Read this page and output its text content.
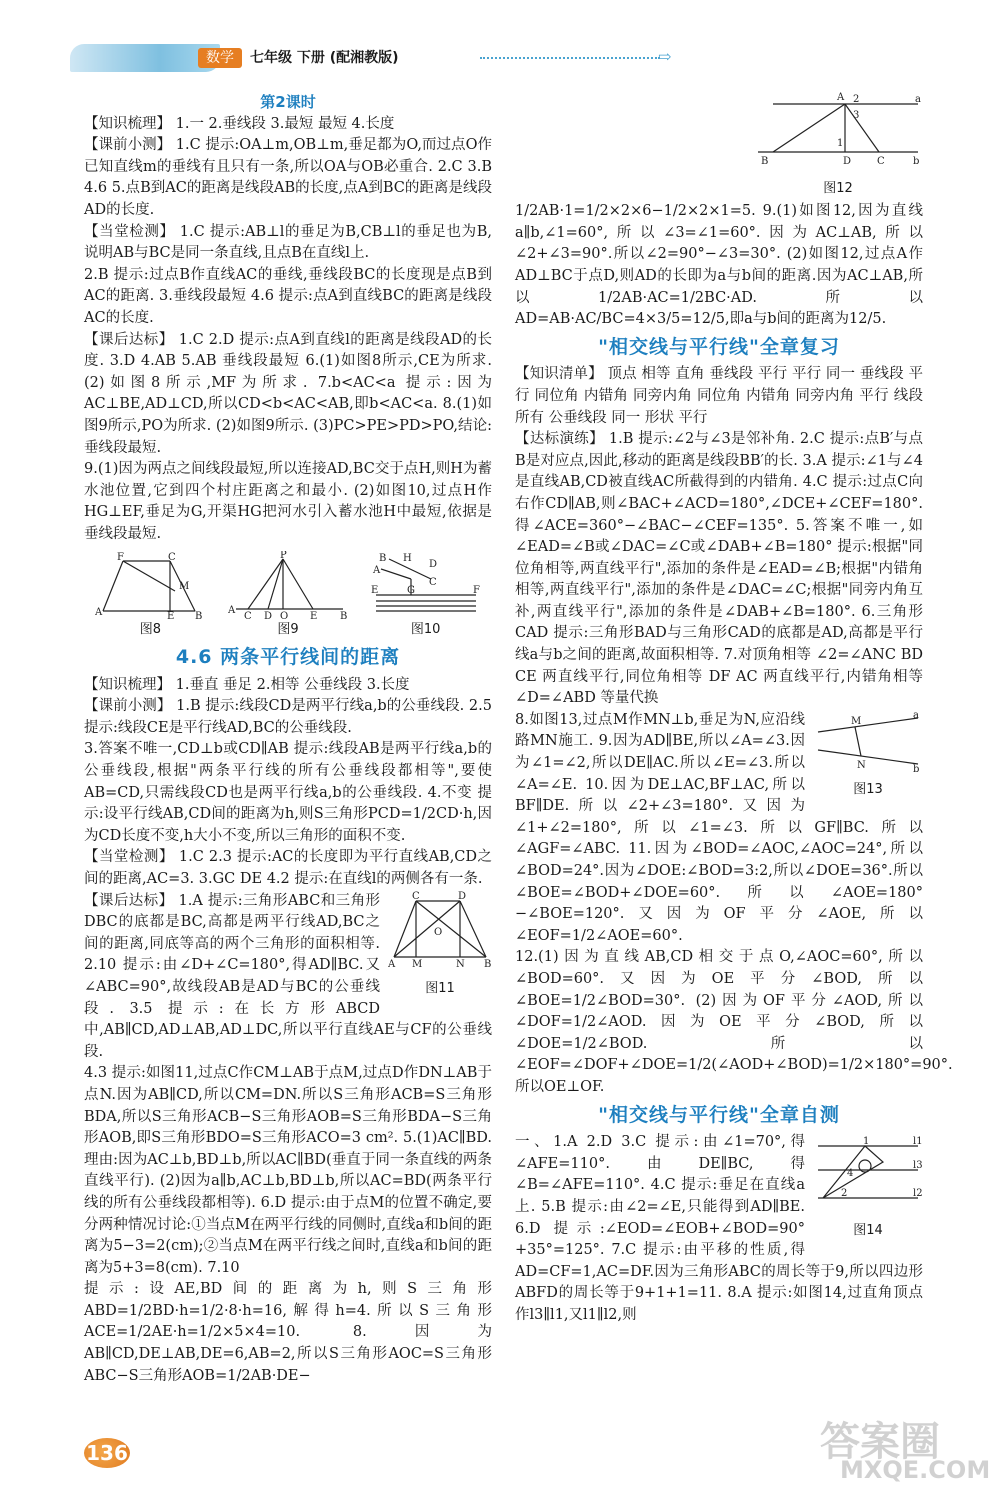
数学	七年级 下册 (配湘教版)	⇨
第2课时

【知识梳理】 1.一 2.垂线段 3.最短 最短 4.长度

【课前小测】 1.C 提示:OA⊥m,OB⊥m,垂足都为O,而过点O作已知直线m的垂线有且只有一条,所以OA与OB必重合. 2.C 3.B 4.6 5.点B到AC的距离是线段AB的长度,点A到BC的距离是线段AD的长度.

【当堂检测】 1.C 提示:AB⊥l的垂足为B,CB⊥l的垂足也为B,说明AB与BC是同一条直线,且点B在直线l上.

2.B 提示:过点B作直线AC的垂线,垂线段BC的长度现是点B到AC的距离. 3.垂线段最短 4.6 提示:点A到直线BC的距离是线段AC的长度.

【课后达标】 1.C 2.D 提示:点A到直线l的距离是线段AD的长度. 3.D 4.AB 5.AB 垂线段最短 6.(1)如图8所示,CE为所求. (2)如图8所示,MF为所求. 7.b<AC<a 提示:因为AC⊥BE,AD⊥CD,所以CD<b<AC<AB,即b<AC<a. 8.(1)如图9所示,PO为所求. (2)如图9所示. (3)PC>PE>PD>PO,结论:垂线段最短.

9.(1)因为两点之间线段最短,所以连接AD,BC交于点H,则H为蓄水池位置,它到四个村庄距离之和最小. (2)如图10,过点H作HG⊥EF,垂足为G,开渠HG把河水引入蓄水池H中最短,依据是垂线段最短.

A
F	C
M
E B
图8
P
A
C D O E B
图9
B H
D
A
C
G
E	F
图10
4.6 两条平行线间的距离

【知识梳理】 1.垂直 垂足 2.相等 公垂线段 3.长度

【课前小测】 1.B 提示:线段CD是两平行线a,b的公垂线段. 2.5 提示:线段CE是平行线AD,BC的公垂线段.

3.答案不唯一,CD⊥b或CD∥AB 提示:线段AB是两平行线a,b的公垂线段,根据"两条平行线的所有公垂线段都相等",要使AB=CD,只需线段CD也是两平行线a,b的公垂线段. 4.不变 提示:设平行线AB,CD间的距离为h,则S三角形PCD=1/2CD·h,因为CD长度不变,h大小不变,所以三角形的面积不变.

【当堂检测】 1.C 2.3 提示:AC的长度即为平行直线AB,CD之间的距离,AC=3. 3.GC DE 4.2 提示:在直线l的两侧各有一条.

C	D
O
A M	N B
图11

【课后达标】 1.A 提示:三角形ABC和三角形DBC的底都是BC,高都是两平行线AD,BC之间的距离,同底等高的两个三角形的面积相等. 2.10 提示:由∠D+∠C=180°,得AD∥BC.又∠ABC=90°,故线段AB是AD与BC的公垂线段. 3.5 提示:在长方形ABCD中,AB∥CD,AD⊥AB,AD⊥DC,所以平行直线AE与CF的公垂线段.

4.3 提示:如图11,过点C作CM⊥AB于点M,过点D作DN⊥AB于点N.因为AB∥CD,所以CM=DN.所以S三角形ACB=S三角形BDA,所以S三角形ACB−S三角形AOB=S三角形BDA−S三角形AOB,即S三角形BDO=S三角形ACO=3 cm². 5.(1)AC∥BD.理由:因为AC⊥b,BD⊥b,所以AC∥BD(垂直于同一条直线的两条直线平行). (2)因为a∥b,AC⊥b,BD⊥b,所以AC=BD(两条平行线的所有公垂线段都相等). 6.D 提示:由于点M的位置不确定,要分两种情况讨论:①当点M在两平行线的同侧时,直线a和b间的距离为5−3=2(cm);②当点M在两平行线之间时,直线a和b间的距离为5+3=8(cm). 7.10

提示:设AE,BD间的距离为h,则S三角形ABD=1/2BD·h=1/2·8·h=16,解得h=4.所以S三角形ACE=1/2AE·h=1/2×5×4=10. 8.因为AB∥CD,DE⊥AB,DE=6,AB=2,所以S三角形AOC=S三角形ABC−S三角形AOB=1/2AB·DE−

A 2
3
a
B	D	C	b
1
图12

1/2AB·1=1/2×2×6−1/2×2×1=5. 9.(1)如图12,因为直线a∥b,∠1=60°,所以∠3=∠1=60°.因为AC⊥AB,所以∠2+∠3=90°.所以∠2=90°−∠3=30°. (2)如图12,过点A作AD⊥BC于点D,则AD的长即为a与b间的距离.因为AC⊥AB,所以1/2AB·AC=1/2BC·AD.所以AD=AB·AC/BC=4×3/5=12/5,即a与b间的距离为12/5.

"相交线与平行线"全章复习

【知识清单】 顶点 相等 直角 垂线段 平行 平行 同一 垂线段 平行 同位角 内错角 同旁内角 同位角 内错角 同旁内角 平行 线段 所有 公垂线段 同一 形状 平行

【达标演练】 1.B 提示:∠2与∠3是邻补角. 2.C 提示:点B′与点B是对应点,因此,移动的距离是线段BB′的长. 3.A 提示:∠1与∠4是直线AB,CD被直线AC所截得到的内错角. 4.C 提示:过点C向右作CD∥AB,则∠BAC+∠ACD=180°,∠DCE+∠CEF=180°.得∠ACE=360°−∠BAC−∠CEF=135°. 5.答案不唯一,如∠EAD=∠B或∠DAC=∠C或∠DAB+∠B=180° 提示:根据"同位角相等,两直线平行",添加的条件是∠EAD=∠B;根据"内错角相等,两直线平行",添加的条件是∠DAC=∠C;根据"同旁内角互补,两直线平行",添加的条件是∠DAB+∠B=180°. 6.三角形CAD 提示:三角形BAD与三角形CAD的底都是AD,高都是平行线a与b之间的距离,故面积相等. 7.对顶角相等 ∠2=∠ANC BD CE 两直线平行,同位角相等 DF AC 两直线平行,内错角相等 ∠D=∠ABD 等量代换

a
b
M
N
图13

8.如图13,过点M作MN⊥b,垂足为N,应沿线路MN施工. 9.因为AD∥BE,所以∠A=∠3.因为∠1=∠2,所以DE∥AC.所以∠E=∠3.所以∠A=∠E. 10.因为DE⊥AC,BF⊥AC,所以BF∥DE.所以∠2+∠3=180°.又因为∠1+∠2=180°,所以∠1=∠3.所以GF∥BC.所以∠AGF=∠ABC. 11.因为∠BOD=∠AOC,∠AOC=24°,所以∠BOD=24°.因为∠DOE:∠BOD=3:2,所以∠DOE=36°.所以∠BOE=∠BOD+∠DOE=60°.所以∠AOE=180°−∠BOE=120°.又因为OF平分∠AOE,所以∠EOF=1/2∠AOE=60°.

12.(1)因为直线AB,CD相交于点O,∠AOC=60°,所以∠BOD=60°.又因为OE平分∠BOD,所以∠BOE=1/2∠BOD=30°. (2)因为OF平分∠AOD,所以∠DOF=1/2∠AOD.因为OE平分∠BOD,所以∠DOE=1/2∠BOD.所以∠EOF=∠DOF+∠DOE=1/2(∠AOD+∠BOD)=1/2×180°=90°.所以OE⊥OF.

"相交线与平行线"全章自测
l1
l3
l2
1
4
2
图14

一、1.A 2.D 3.C 提示:由∠1=70°,得∠AFE=110°.由DE∥BC,得∠B=∠AFE=110°. 4.C 提示:垂足在直线a上. 5.B 提示:由∠2=∠E,只能得到AD∥BE. 6.D 提示:∠EOD=∠EOB+∠BOD=90°+35°=125°. 7.C 提示:由平移的性质,得AD=CF=1,AC=DF.因为三角形ABC的周长等于9,所以四边形ABFD的周长等于9+1+1=11. 8.A 提示:如图14,过直角顶点作l3∥l1,又l1∥l2,则

136	答案圈
MXQE.COM
